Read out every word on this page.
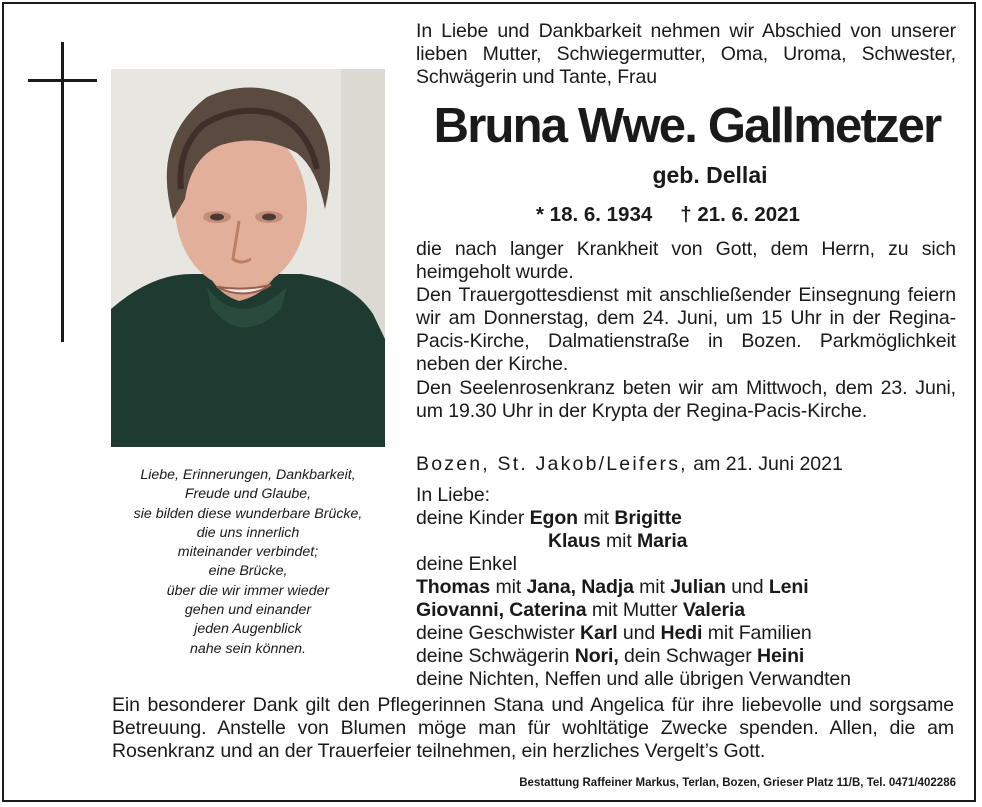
Liebe, Erinnerungen, Dankbarkeit,
Freude und Glaube,
sie bilden diese wunderbare Brücke,
die uns innerlich
miteinander verbindet;
eine Brücke,
über die wir immer wieder
gehen und einander
jeden Augenblick
nahe sein können.
In Liebe und Dankbarkeit nehmen wir Abschied von unserer lieben Mutter, Schwiegermutter, Oma, Uroma, Schwester, Schwägerin und Tante, Frau
Bruna Wwe. Gallmetzer
geb. Dellai
* 18. 6. 1934 † 21. 6. 2021
die nach langer Krankheit von Gott, dem Herrn, zu sich heimgeholt wurde.
Den Trauergottesdienst mit anschließender Einsegnung feiern wir am Donnerstag, dem 24. Juni, um 15 Uhr in der Regina-Pacis-Kirche, Dalmatienstraße in Bozen. Parkmöglichkeit neben der Kirche.
Den Seelenrosenkranz beten wir am Mittwoch, dem 23. Juni, um 19.30 Uhr in der Krypta der Regina-Pacis-Kirche.
Bozen, St. Jakob/Leifers, am 21. Juni 2021
In Liebe:
deine Kinder Egon mit Brigitte
Klaus mit Maria
deine Enkel
Thomas mit Jana, Nadja mit Julian und Leni
Giovanni, Caterina mit Mutter Valeria
deine Geschwister Karl und Hedi mit Familien
deine Schwägerin Nori, dein Schwager Heini
deine Nichten, Neffen und alle übrigen Verwandten
Ein besonderer Dank gilt den Pflegerinnen Stana und Angelica für ihre liebevolle und sorgsame Betreuung. Anstelle von Blumen möge man für wohltätige Zwecke spenden. Allen, die am Rosenkranz und an der Trauerfeier teilnehmen, ein herzliches Vergelt’s Gott.
Bestattung Raffeiner Markus, Terlan, Bozen, Grieser Platz 11/B, Tel. 0471/402286
